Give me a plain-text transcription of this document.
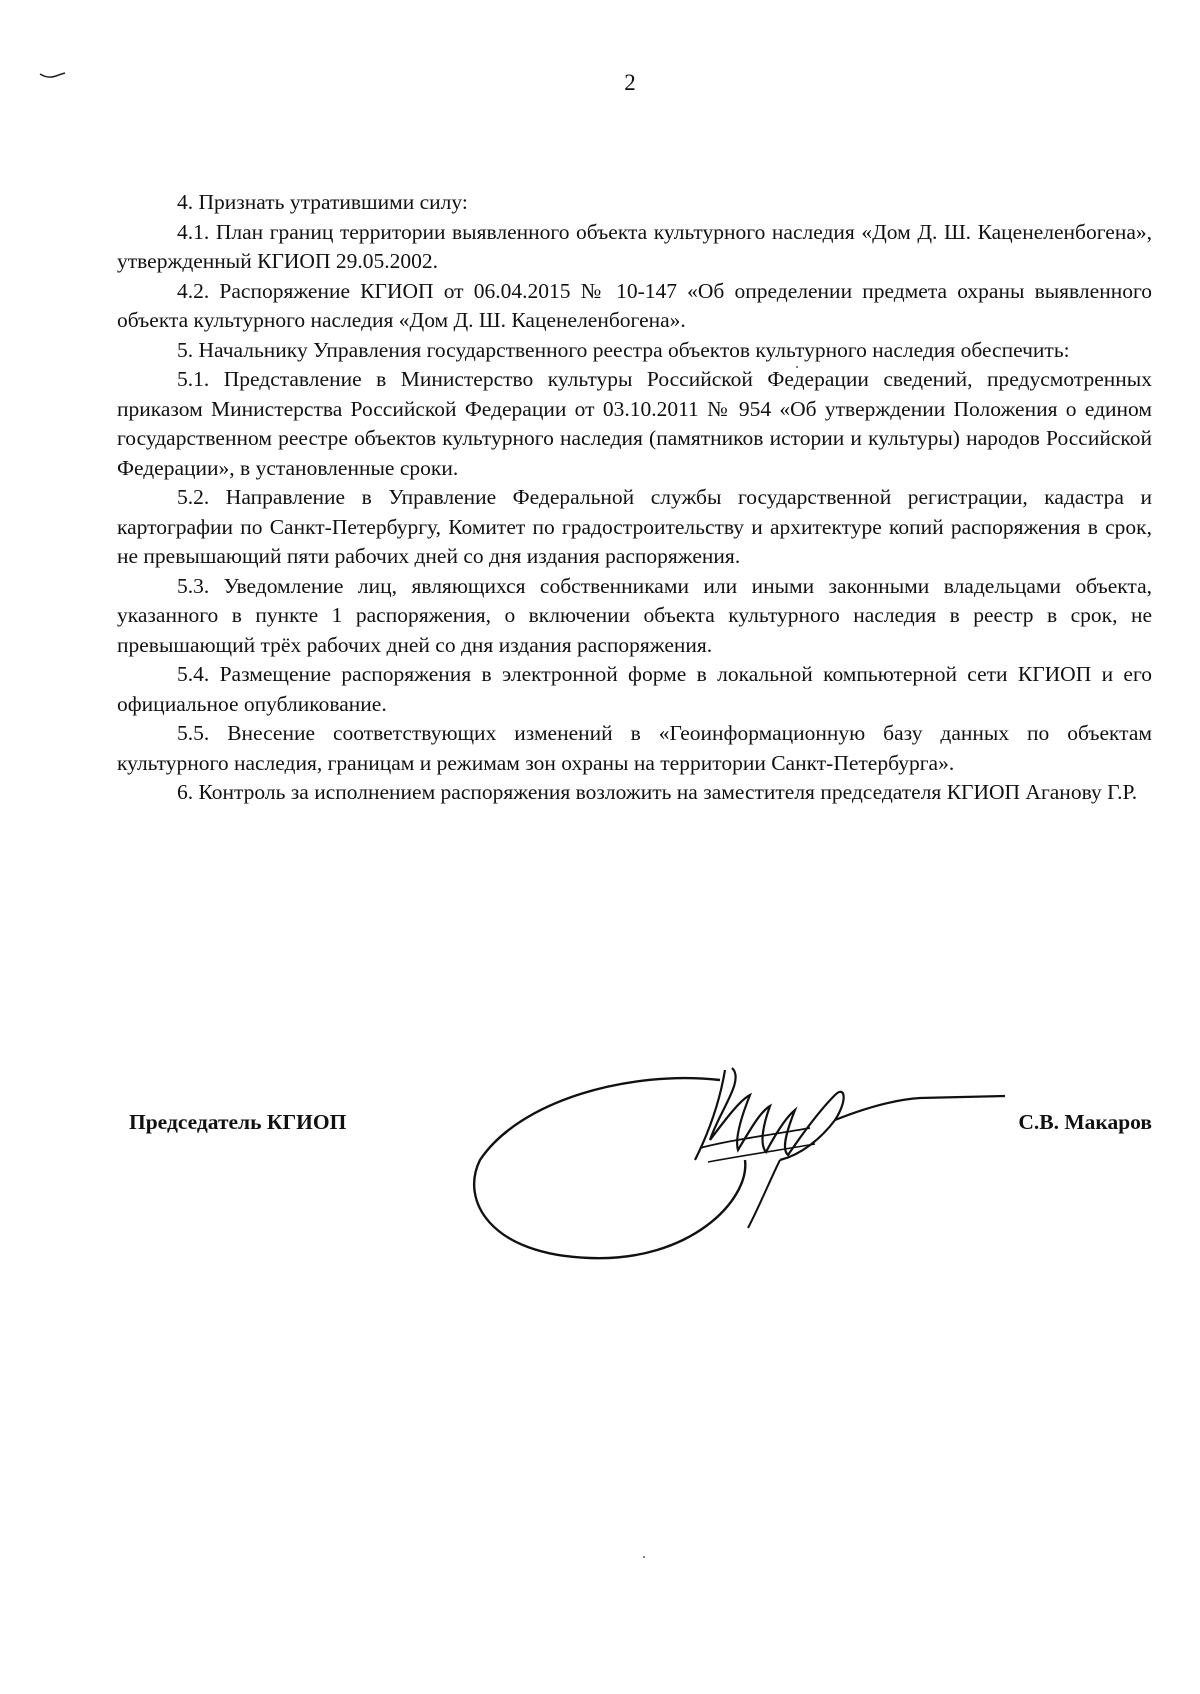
2

4. Признать утратившими силу:

4.1. План границ территории выявленного объекта культурного наследия «Дом Д. Ш. Каценеленбогена», утвержденный КГИОП 29.05.2002.

4.2. Распоряжение КГИОП от 06.04.2015 № 10-147 «Об определении предмета охраны выявленного объекта культурного наследия «Дом Д. Ш. Каценеленбогена».

5. Начальнику Управления государственного реестра объектов культурного наследия обеспечить:

5.1. Представление в Министерство культуры Российской Федерации сведений, предусмотренных приказом Министерства Российской Федерации от 03.10.2011 № 954 «Об утверждении Положения о едином государственном реестре объектов культурного наследия (памятников истории и культуры) народов Российской Федерации», в установленные сроки.

5.2. Направление в Управление Федеральной службы государственной регистрации, кадастра и картографии по Санкт-Петербургу, Комитет по градостроительству и архитектуре копий распоряжения в срок, не превышающий пяти рабочих дней со дня издания распоряжения.

5.3. Уведомление лиц, являющихся собственниками или иными законными владельцами объекта, указанного в пункте 1 распоряжения, о включении объекта культурного наследия в реестр в срок, не превышающий трёх рабочих дней со дня издания распоряжения.

5.4. Размещение распоряжения в электронной форме в локальной компьютерной сети КГИОП и его официальное опубликование.

5.5. Внесение соответствующих изменений в «Геоинформационную базу данных по объектам культурного наследия, границам и режимам зон охраны на территории Санкт-Петербурга».

6. Контроль за исполнением распоряжения возложить на заместителя председателя КГИОП Аганову Г.Р.

Председатель КГИОП	С.В. Макаров
